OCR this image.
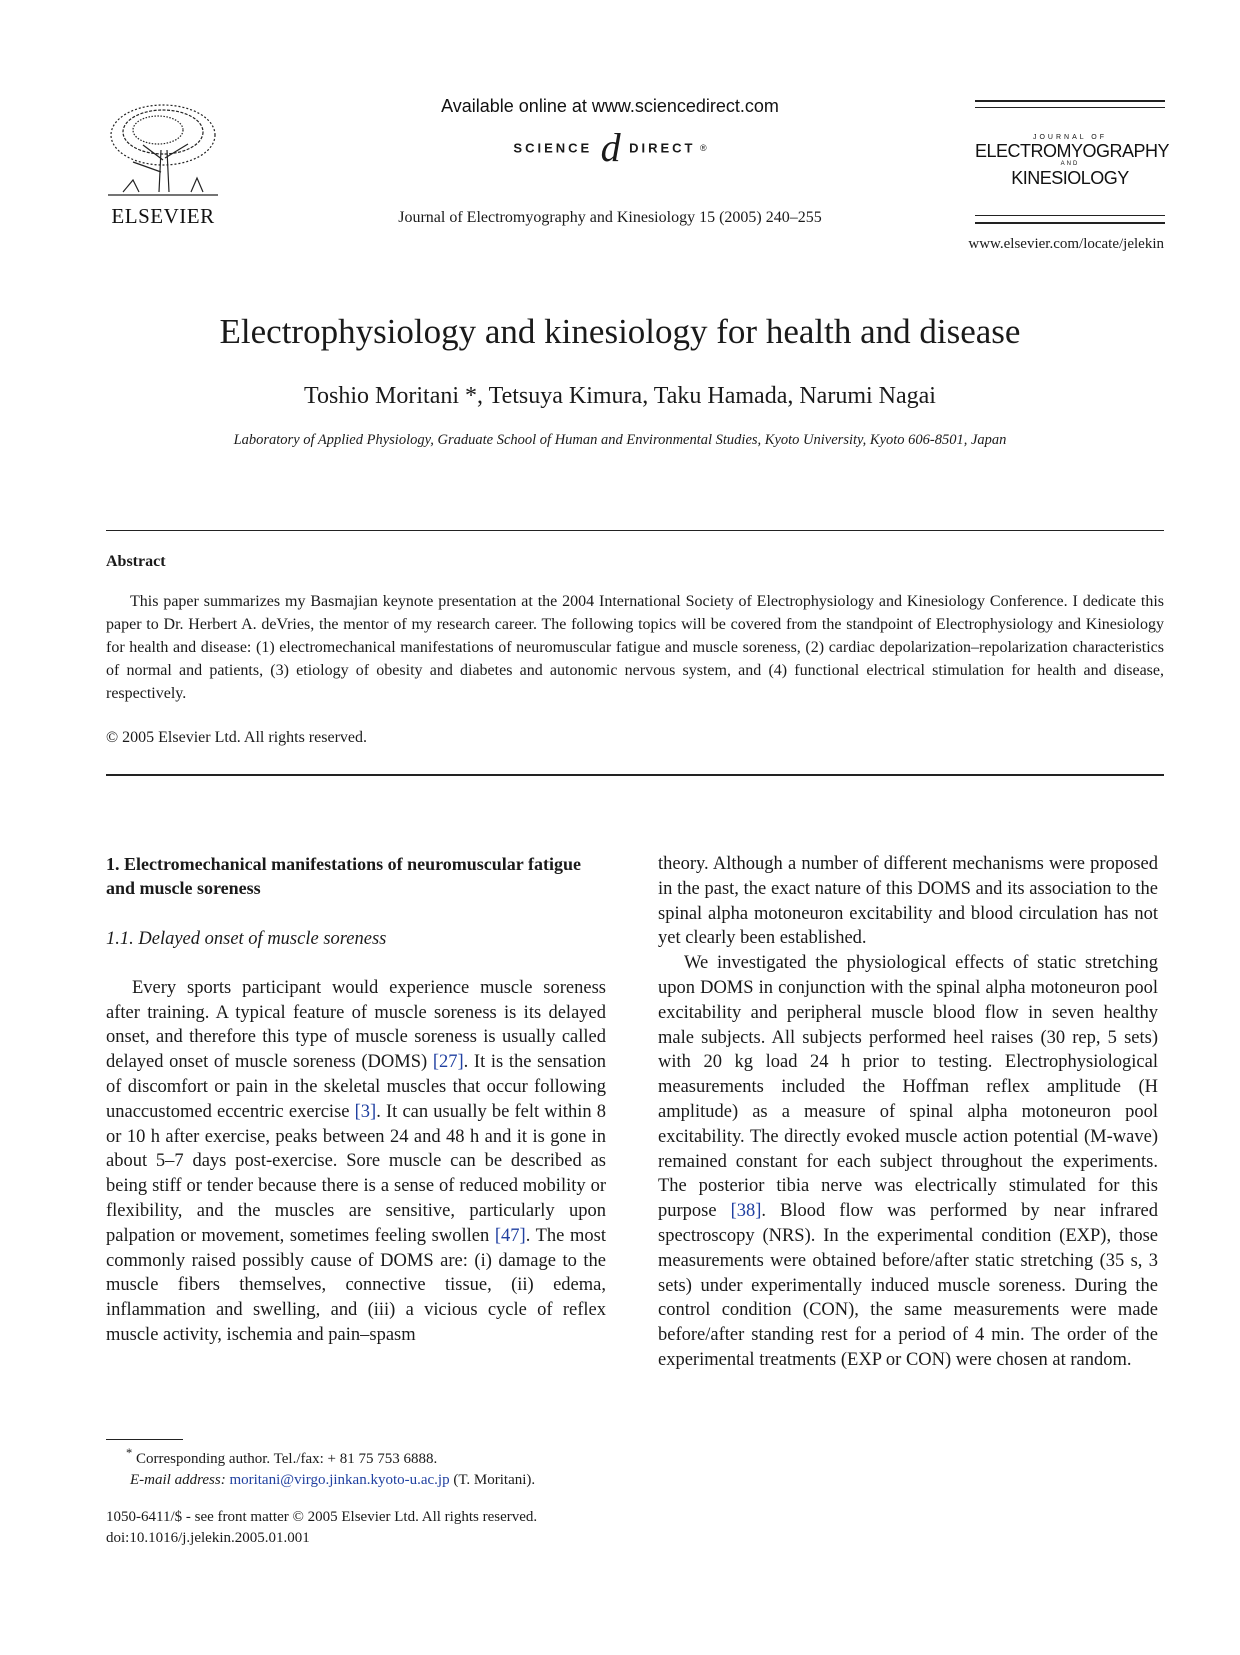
ELSEVIER
Available online at www.sciencedirect.com
SCIENCE d DIRECT ®
Journal of Electromyography and Kinesiology 15 (2005) 240–255
JOURNAL OF
ELECTROMYOGRAPHY
AND
KINESIOLOGY
www.elsevier.com/locate/jelekin
Electrophysiology and kinesiology for health and disease
Toshio Moritani *, Tetsuya Kimura, Taku Hamada, Narumi Nagai
Laboratory of Applied Physiology, Graduate School of Human and Environmental Studies, Kyoto University, Kyoto 606-8501, Japan
Abstract

This paper summarizes my Basmajian keynote presentation at the 2004 International Society of Electrophysiology and Kinesiology Conference. I dedicate this paper to Dr. Herbert A. deVries, the mentor of my research career. The following topics will be covered from the standpoint of Electrophysiology and Kinesiology for health and disease: (1) electromechanical manifestations of neuromuscular fatigue and muscle soreness, (2) cardiac depolarization–repolarization characteristics of normal and patients, (3) etiology of obesity and diabetes and autonomic nervous system, and (4) functional electrical stimulation for health and disease, respectively.

© 2005 Elsevier Ltd. All rights reserved.

1. Electromechanical manifestations of neuromuscular fatigue and muscle soreness

1.1. Delayed onset of muscle soreness

Every sports participant would experience muscle soreness after training. A typical feature of muscle soreness is its delayed onset, and therefore this type of muscle soreness is usually called delayed onset of muscle soreness (DOMS) [27]. It is the sensation of discomfort or pain in the skeletal muscles that occur following unaccustomed eccentric exercise [3]. It can usually be felt within 8 or 10 h after exercise, peaks between 24 and 48 h and it is gone in about 5–7 days post-exercise. Sore muscle can be described as being stiff or tender because there is a sense of reduced mobility or flexibility, and the muscles are sensitive, particularly upon palpation or movement, sometimes feeling swollen [47]. The most commonly raised possibly cause of DOMS are: (i) damage to the muscle fibers themselves, connective tissue, (ii) edema, inflammation and swelling, and (iii) a vicious cycle of reflex muscle activity, ischemia and pain–spasm

theory. Although a number of different mechanisms were proposed in the past, the exact nature of this DOMS and its association to the spinal alpha motoneuron excitability and blood circulation has not yet clearly been established.

We investigated the physiological effects of static stretching upon DOMS in conjunction with the spinal alpha motoneuron pool excitability and peripheral muscle blood flow in seven healthy male subjects. All subjects performed heel raises (30 rep, 5 sets) with 20 kg load 24 h prior to testing. Electrophysiological measurements included the Hoffman reflex amplitude (H amplitude) as a measure of spinal alpha motoneuron pool excitability. The directly evoked muscle action potential (M-wave) remained constant for each subject throughout the experiments. The posterior tibia nerve was electrically stimulated for this purpose [38]. Blood flow was performed by near infrared spectroscopy (NRS). In the experimental condition (EXP), those measurements were obtained before/after static stretching (35 s, 3 sets) under experimentally induced muscle soreness. During the control condition (CON), the same measurements were made before/after standing rest for a period of 4 min. The order of the experimental treatments (EXP or CON) were chosen at random.

* Corresponding author. Tel./fax: + 81 75 753 6888.
E-mail address: moritani@virgo.jinkan.kyoto-u.ac.jp (T. Moritani).
1050-6411/$ - see front matter © 2005 Elsevier Ltd. All rights reserved.
doi:10.1016/j.jelekin.2005.01.001
